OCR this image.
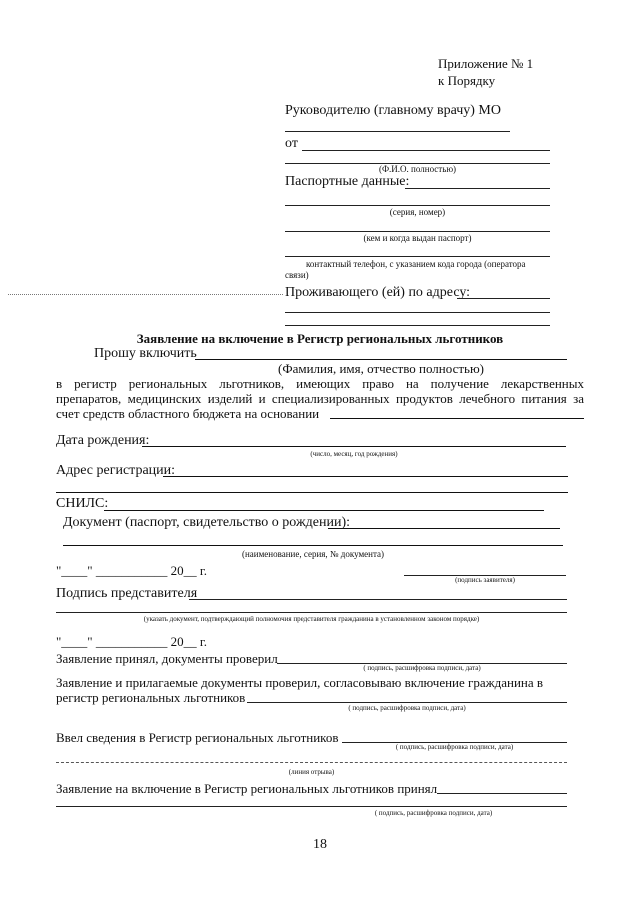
Приложение № 1
к Порядку
Руководителю (главному врачу) МО
от
(Ф.И.О. полностью)
Паспортные данные:
(серия, номер)
(кем и когда выдан паспорт)
контактный телефон, с указанием кода города (оператора
связи)
Проживающего (ей) по адресу:
Заявление на включение в Регистр региональных льготников
Прошу включить
(Фамилия, имя, отчество полностью)
в регистр региональных льготников, имеющих право на получение лекарственных
препаратов, медицинских изделий и специализированных продуктов лечебного питания за
счет средств областного бюджета на основании
Дата рождения:
(число, месяц, год рождения)
Адрес регистрации:
СНИЛС:
Документ (паспорт, свидетельство о рождении):
(наименование, серия, № документа)
"____" ___________ 20__ г.
(подпись заявителя)
Подпись представителя
(указать документ, подтверждающий полномочия представителя гражданина в установленном законом порядке)
"____" ___________ 20__ г.
Заявление принял, документы проверил
( подпись, расшифровка подписи, дата)
Заявление и прилагаемые документы проверил, согласовываю включение гражданина в
регистр региональных льготников
( подпись, расшифровка подписи, дата)
Ввел сведения в Регистр региональных льготников
( подпись, расшифровка подписи, дата)
(линия отрыва)
Заявление на включение в Регистр региональных льготников принял
( подпись, расшифровка подписи, дата)
18
